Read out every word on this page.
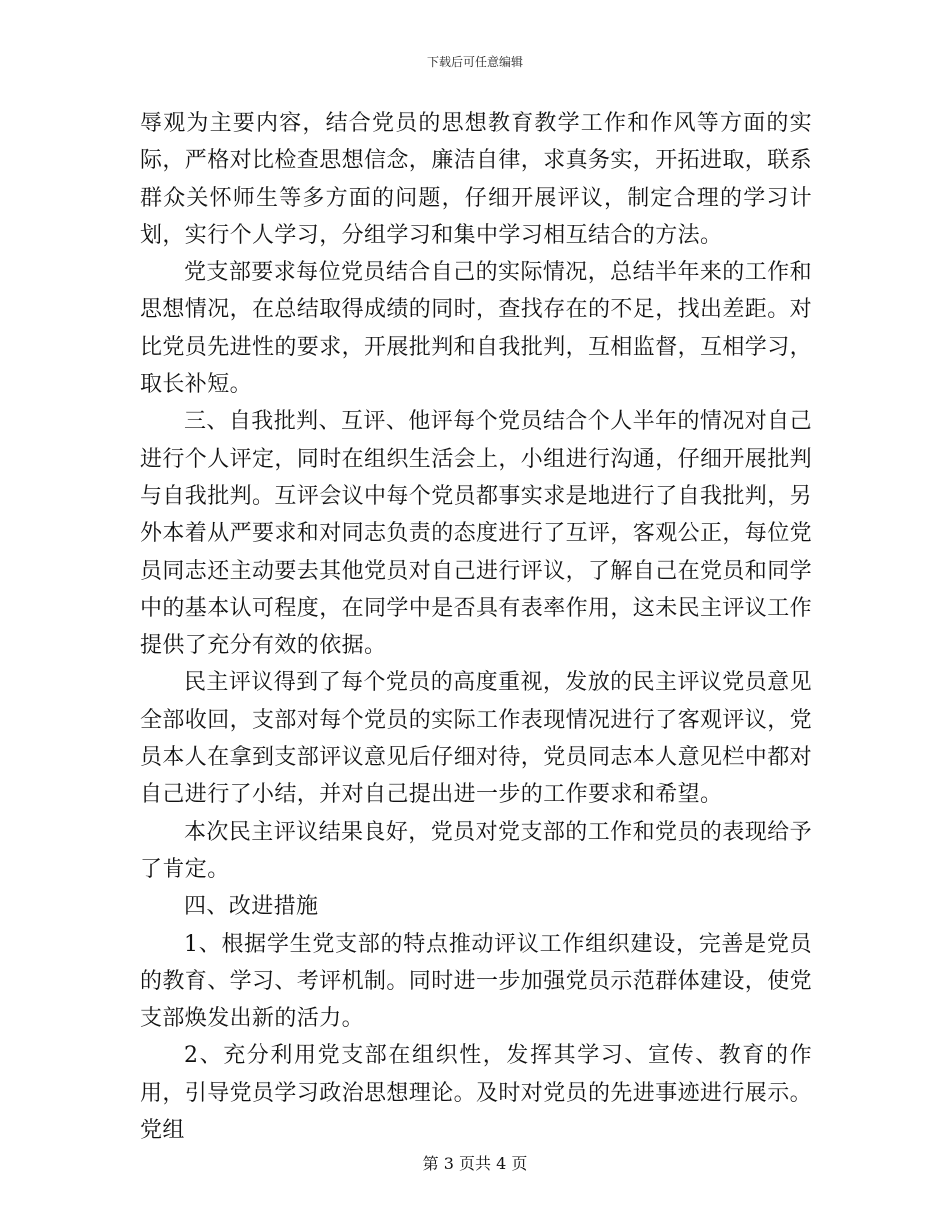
下载后可任意编辑

辱观为主要内容，结合党员的思想教育教学工作和作风等方面的实际，严格对比检查思想信念，廉洁自律，求真务实，开拓进取，联系群众关怀师生等多方面的问题，仔细开展评议，制定合理的学习计划，实行个人学习，分组学习和集中学习相互结合的方法。

党支部要求每位党员结合自己的实际情况，总结半年来的工作和思想情况，在总结取得成绩的同时，查找存在的不足，找出差距。对比党员先进性的要求，开展批判和自我批判，互相监督，互相学习，取长补短。

三、自我批判、互评、他评每个党员结合个人半年的情况对自己进行个人评定，同时在组织生活会上，小组进行沟通，仔细开展批判与自我批判。互评会议中每个党员都事实求是地进行了自我批判，另外本着从严要求和对同志负责的态度进行了互评，客观公正，每位党员同志还主动要去其他党员对自己进行评议，了解自己在党员和同学中的基本认可程度，在同学中是否具有表率作用，这未民主评议工作提供了充分有效的依据。

民主评议得到了每个党员的高度重视，发放的民主评议党员意见全部收回，支部对每个党员的实际工作表现情况进行了客观评议，党员本人在拿到支部评议意见后仔细对待，党员同志本人意见栏中都对自己进行了小结，并对自己提出进一步的工作要求和希望。

本次民主评议结果良好，党员对党支部的工作和党员的表现给予了肯定。

四、改进措施

1、根据学生党支部的特点推动评议工作组织建设，完善是党员的教育、学习、考评机制。同时进一步加强党员示范群体建设，使党支部焕发出新的活力。

2、充分利用党支部在组织性，发挥其学习、宣传、教育的作用，引导党员学习政治思想理论。及时对党员的先进事迹进行展示。党组

第 3 页共 4 页
